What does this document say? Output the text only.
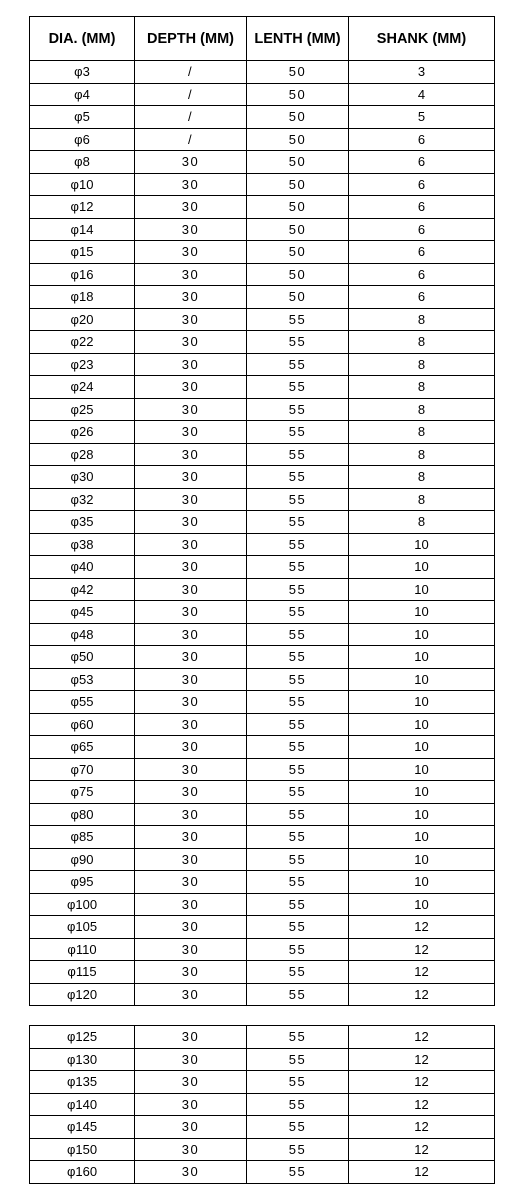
DIA. (MM)	DEPTH (MM)	LENTH (MM)	SHANK (MM)
φ3	/	50	3
φ4	/	50	4
φ5	/	50	5
φ6	/	50	6
φ8	30	50	6
φ10	30	50	6
φ12	30	50	6
φ14	30	50	6
φ15	30	50	6
φ16	30	50	6
φ18	30	50	6
φ20	30	55	8
φ22	30	55	8
φ23	30	55	8
φ24	30	55	8
φ25	30	55	8
φ26	30	55	8
φ28	30	55	8
φ30	30	55	8
φ32	30	55	8
φ35	30	55	8
φ38	30	55	10
φ40	30	55	10
φ42	30	55	10
φ45	30	55	10
φ48	30	55	10
φ50	30	55	10
φ53	30	55	10
φ55	30	55	10
φ60	30	55	10
φ65	30	55	10
φ70	30	55	10
φ75	30	55	10
φ80	30	55	10
φ85	30	55	10
φ90	30	55	10
φ95	30	55	10
φ100	30	55	10
φ105	30	55	12
φ110	30	55	12
φ115	30	55	12
φ120	30	55	12
φ125	30	55	12
φ130	30	55	12
φ135	30	55	12
φ140	30	55	12
φ145	30	55	12
φ150	30	55	12
φ160	30	55	12
